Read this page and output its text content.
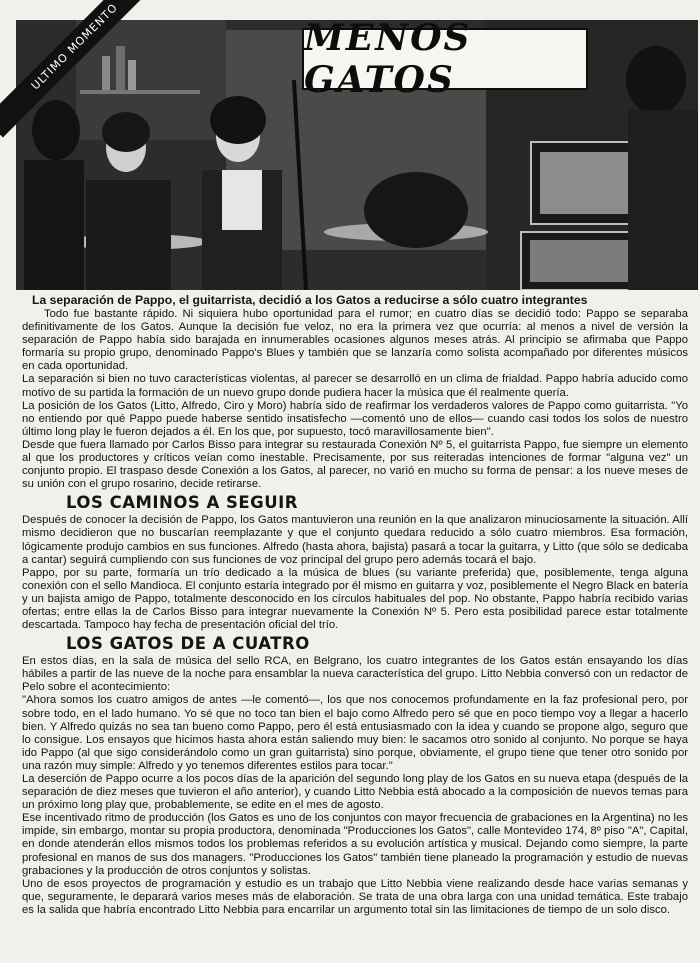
ULTIMO MOMENTO	MENOS GATOS
La separación de Pappo, el guitarrista, decidió a los Gatos a reducirse a sólo cuatro integrantes

Todo fue bastante rápido. Ni siquiera hubo oportunidad para el rumor; en cuatro días se decidió todo: Pappo se separaba definitivamente de los Gatos. Aunque la decisión fue veloz, no era la primera vez que ocurría: al menos a nivel de versión la separación de Pappo había sido barajada en innumerables ocasiones algunos meses atrás. Al principio se afirmaba que Pappo formaría su propio grupo, denominado Pappo's Blues y también que se lanzaría como solista acompañado por diferentes músicos en cada oportunidad.

La separación si bien no tuvo características violentas, al parecer se desarrolló en un clima de frialdad. Pappo habría aducido como motivo de su partida la formación de un nuevo grupo donde pudiera hacer la música que él realmente quería.

La posición de los Gatos (Litto, Alfredo, Ciro y Moro) habría sido de reafirmar los verdaderos valores de Pappo como guitarrista. "Yo no entiendo por qué Pappo puede haberse sentido insatisfecho —comentó uno de ellos— cuando casi todos los solos de nuestro último long play le fueron dejados a él. En los que, por supuesto, tocó maravillosamente bien".

Desde que fuera llamado por Carlos Bisso para integrar su restaurada Conexión Nº 5, el guitarrista Pappo, fue siempre un elemento al que los productores y críticos veían como inestable. Precisamente, por sus reiteradas intenciones de formar "alguna vez" un conjunto propio. El traspaso desde Conexión a los Gatos, al parecer, no varió en mucho su forma de pensar: a los nueve meses de su unión con el grupo rosarino, decide retirarse.

LOS CAMINOS A SEGUIR

Después de conocer la decisión de Pappo, los Gatos mantuvieron una reunión en la que analizaron minuciosamente la situación. Allí mismo decidieron que no buscarían reemplazante y que el conjunto quedara reducido a sólo cuatro miembros. Esa formación, lógicamente produjo cambios en sus funciones. Alfredo (hasta ahora, bajista) pasará a tocar la guitarra, y Litto (que sólo se dedicaba a cantar) seguirá cumpliendo con sus funciones de voz principal del grupo pero además tocará el bajo.

Pappo, por su parte, formaría un trío dedicado a la música de blues (su variante preferida) que, posiblemente, tenga alguna conexión con el sello Mandioca. El conjunto estaría integrado por él mismo en guitarra y voz, posiblemente el Negro Black en batería y un bajista amigo de Pappo, totalmente desconocido en los círculos habituales del pop. No obstante, Pappo habría recibido varias ofertas; entre ellas la de Carlos Bisso para integrar nuevamente la Conexión Nº 5. Pero esta posibilidad parece estar totalmente descartada. Tampoco hay fecha de presentación oficial del trío.

LOS GATOS DE A CUATRO

En estos días, en la sala de música del sello RCA, en Belgrano, los cuatro integrantes de los Gatos están ensayando los días hábiles a partir de las nueve de la noche para ensamblar la nueva característica del grupo. Litto Nebbia conversó con un redactor de Pelo sobre el acontecimiento:

"Ahora somos los cuatro amigos de antes —le comentó—, los que nos conocemos profundamente en la faz profesional pero, por sobre todo, en el lado humano. Yo sé que no toco tan bien el bajo como Alfredo pero sé que en poco tiempo voy a llegar a hacerlo bien. Y Alfredo quizás no sea tan bueno como Pappo, pero él está entusiasmado con la idea y cuando se propone algo, seguro que lo consigue. Los ensayos que hicimos hasta ahora están saliendo muy bien: le sacamos otro sonido al conjunto. No porque se haya ido Pappo (al que sigo considerándolo como un gran guitarrista) sino porque, obviamente, el grupo tiene que tener otro sonido por una razón muy simple: Alfredo y yo tenemos diferentes estilos para tocar."

La deserción de Pappo ocurre a los pocos días de la aparición del segundo long play de los Gatos en su nueva etapa (después de la separación de diez meses que tuvieron el año anterior), y cuando Litto Nebbia está abocado a la composición de nuevos temas para un próximo long play que, probablemente, se edite en el mes de agosto.

Ese incentivado ritmo de producción (los Gatos es uno de los conjuntos con mayor frecuencia de grabaciones en la Argentina) no les impide, sin embargo, montar su propia productora, denominada "Producciones los Gatos", calle Montevideo 174, 8º piso "A", Capital, en donde atenderán ellos mismos todos los problemas referidos a su evolución artística y musical. Dejando como siempre, la parte profesional en manos de sus dos managers. "Producciones los Gatos" también tiene planeado la programación y estudio de nuevas grabaciones y la producción de otros conjuntos y solistas.

Uno de esos proyectos de programación y estudio es un trabajo que Litto Nebbia viene realizando desde hace varias semanas y que, seguramente, le deparará varios meses más de elaboración. Se trata de una obra larga con una unidad temática. Este trabajo es la salida que habría encontrado Litto Nebbia para encarrilar un argumento total sin las limitaciones de tiempo de un solo disco.
